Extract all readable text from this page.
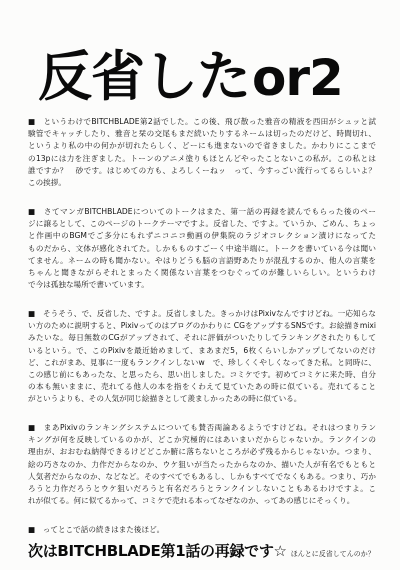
反省した or2
■　というわけでBITCHBLADE第2話でした。この後、飛び散った雅音の精液を西田がシュッと試
験管でキャッチしたり、雅音と栞の交尾もまだ続いたりするネームは切ったのだけど、時間切れ、
というより私の中の何かが切れたらしく、どーにも進まないので省きました。かわりにここまで
の13pには力を注ぎました。トーンのアニメ塗りもほとんどやったことないこの私が。この私とは
誰ですか？　砂です。はじめての方も、よろしくーねッ　って、今すっごい流行ってるらしいよ？
この挨拶。
■　さてマンガBITCHBLADEについてのトークはまた、第一話の再録を読んでもらった後のペー
ジに譲るとして、このページのトークテーマですよ。反省した、ですよ。ていうか、ごめん、ちょっ
と作画中のBGMでご多分にもれずニコニコ動画の伊集院のラジオコレクション漬けになってた
ものだから、文体が感化されてた。しかもものすごーく中途半端に。トークを書いている今は聞い
てません。ネームの時も聞かない。やはりどうも脳の言語野あたりが混乱するのか、他人の言葉を
ちゃんと聞きながらそれとまったく関係ない言葉をつむぐってのが難しいらしい。というわけ
で今は孤独な場所で書いています。
■　そうそう、で、反省した、ですよ。反省しました。きっかけはPixivなんですけどね。一応知らな
い方のために説明すると、Pixivってのはブログのかわりに CGをアップするSNSです。お絵描きmixi
みたいな。毎日無数のCGがアップされて、それに評価がついたりしてランキングされたりもして
いるという。で、このPixivを最近始めまして、まあまだ5，6枚くらいしかアップしてないのだけ
ど、これがまあ、見事に一度もランクインしないw　で、珍しくくやしくなってきた私。と同時に、
この感じ前にもあったな、と思ったら、思い出しました。コミケです。初めてコミケに来た時、自分
の本も無いままに、売れてる他人の本を指をくわえて見ていたあの時に似ている。売れてること
がというよりも、その人気が同じ絵描きとして羨ましかったあの時に似ている。
■　まあPixivのランキングシステムについても賛否両論あるようですけどね。それはつまりラン
キングが何を反映しているのかが、どこか究極的にはあいまいだからじゃないか。ランクインの
理由が、おおむね納得できるけどどこか腑に落ちないところが必ず残るからじゃないか。つまり、
絵の巧さなのか、力作だからなのか、ウケ狙いが当たったからなのか、描いた人が有名でもともと
人気者だからなのか、などなど。そのすべてでもあるし、しかもすべてでなくもある。つまり、巧か
ろうと力作だろうとウケ狙いだろうと有名だろうとランクインしないこともあるわけですよ。こ
れが似てる。何に似てるかって、コミケで売れる本ってなぜなのか、ってあの感じにそっくり。
■　ってとこで話の続きはまた後ほど。
次はBITCHBLADE第1話の再録です☆ ほんとに反省してんのか？
